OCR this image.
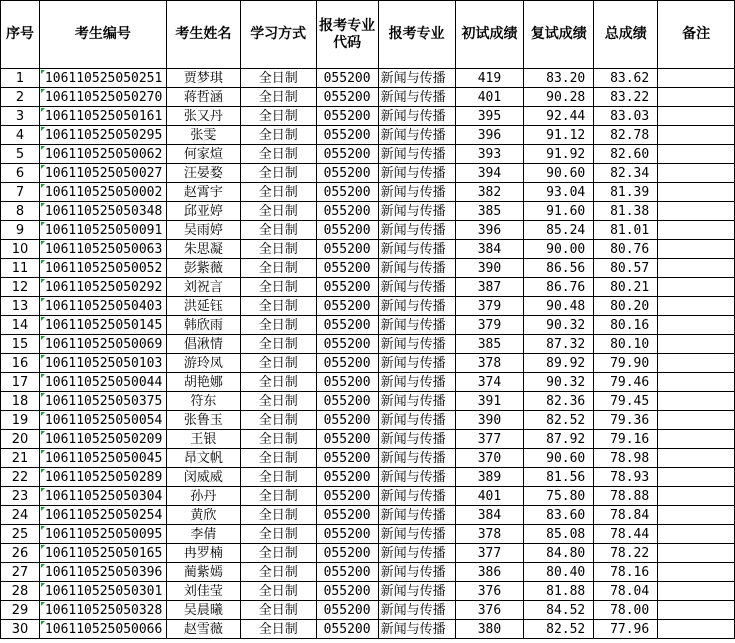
序号	考生编号	考生姓名	学习方式	报考专业代码	报考专业	初试成绩	复试成绩	总成绩	备注
1	106110525050251	贾梦琪	全日制	055200	新闻与传播	419	83.20	83.62	
2	106110525050270	蒋哲涵	全日制	055200	新闻与传播	401	90.28	83.22	
3	106110525050161	张又丹	全日制	055200	新闻与传播	395	92.44	83.03	
4	106110525050295	张雯	全日制	055200	新闻与传播	396	91.12	82.78	
5	106110525050062	何家煊	全日制	055200	新闻与传播	393	91.92	82.60	
6	106110525050027	汪晏婺	全日制	055200	新闻与传播	394	90.60	82.34	
7	106110525050002	赵霄宇	全日制	055200	新闻与传播	382	93.04	81.39	
8	106110525050348	邱亚婷	全日制	055200	新闻与传播	385	91.60	81.38	
9	106110525050091	吴雨婷	全日制	055200	新闻与传播	396	85.24	81.01	
10	106110525050063	朱思凝	全日制	055200	新闻与传播	384	90.00	80.76	
11	106110525050052	彭紫薇	全日制	055200	新闻与传播	390	86.56	80.57	
12	106110525050292	刘祝言	全日制	055200	新闻与传播	387	86.76	80.21	
13	106110525050403	洪延钰	全日制	055200	新闻与传播	379	90.48	80.20	
14	106110525050145	韩欣雨	全日制	055200	新闻与传播	379	90.32	80.16	
15	106110525050069	倡湫情	全日制	055200	新闻与传播	385	87.32	80.10	
16	106110525050103	游玲凤	全日制	055200	新闻与传播	378	89.92	79.90	
17	106110525050044	胡艳娜	全日制	055200	新闻与传播	374	90.32	79.46	
18	106110525050375	符东	全日制	055200	新闻与传播	391	82.36	79.45	
19	106110525050054	张鲁玉	全日制	055200	新闻与传播	390	82.52	79.36	
20	106110525050209	王银	全日制	055200	新闻与传播	377	87.92	79.16	
21	106110525050045	昂文帆	全日制	055200	新闻与传播	370	90.60	78.98	
22	106110525050289	闵威威	全日制	055200	新闻与传播	389	81.56	78.93	
23	106110525050304	孙丹	全日制	055200	新闻与传播	401	75.80	78.88	
24	106110525050254	黄欣	全日制	055200	新闻与传播	384	83.60	78.84	
25	106110525050095	李倩	全日制	055200	新闻与传播	378	85.08	78.44	
26	106110525050165	冉罗楠	全日制	055200	新闻与传播	377	84.80	78.22	
27	106110525050396	蔺紫嫣	全日制	055200	新闻与传播	386	80.40	78.16	
28	106110525050301	刘佳莹	全日制	055200	新闻与传播	376	81.88	78.04	
29	106110525050328	吴晨曦	全日制	055200	新闻与传播	376	84.52	78.00	
30	106110525050066	赵雪薇	全日制	055200	新闻与传播	380	82.52	77.96	
